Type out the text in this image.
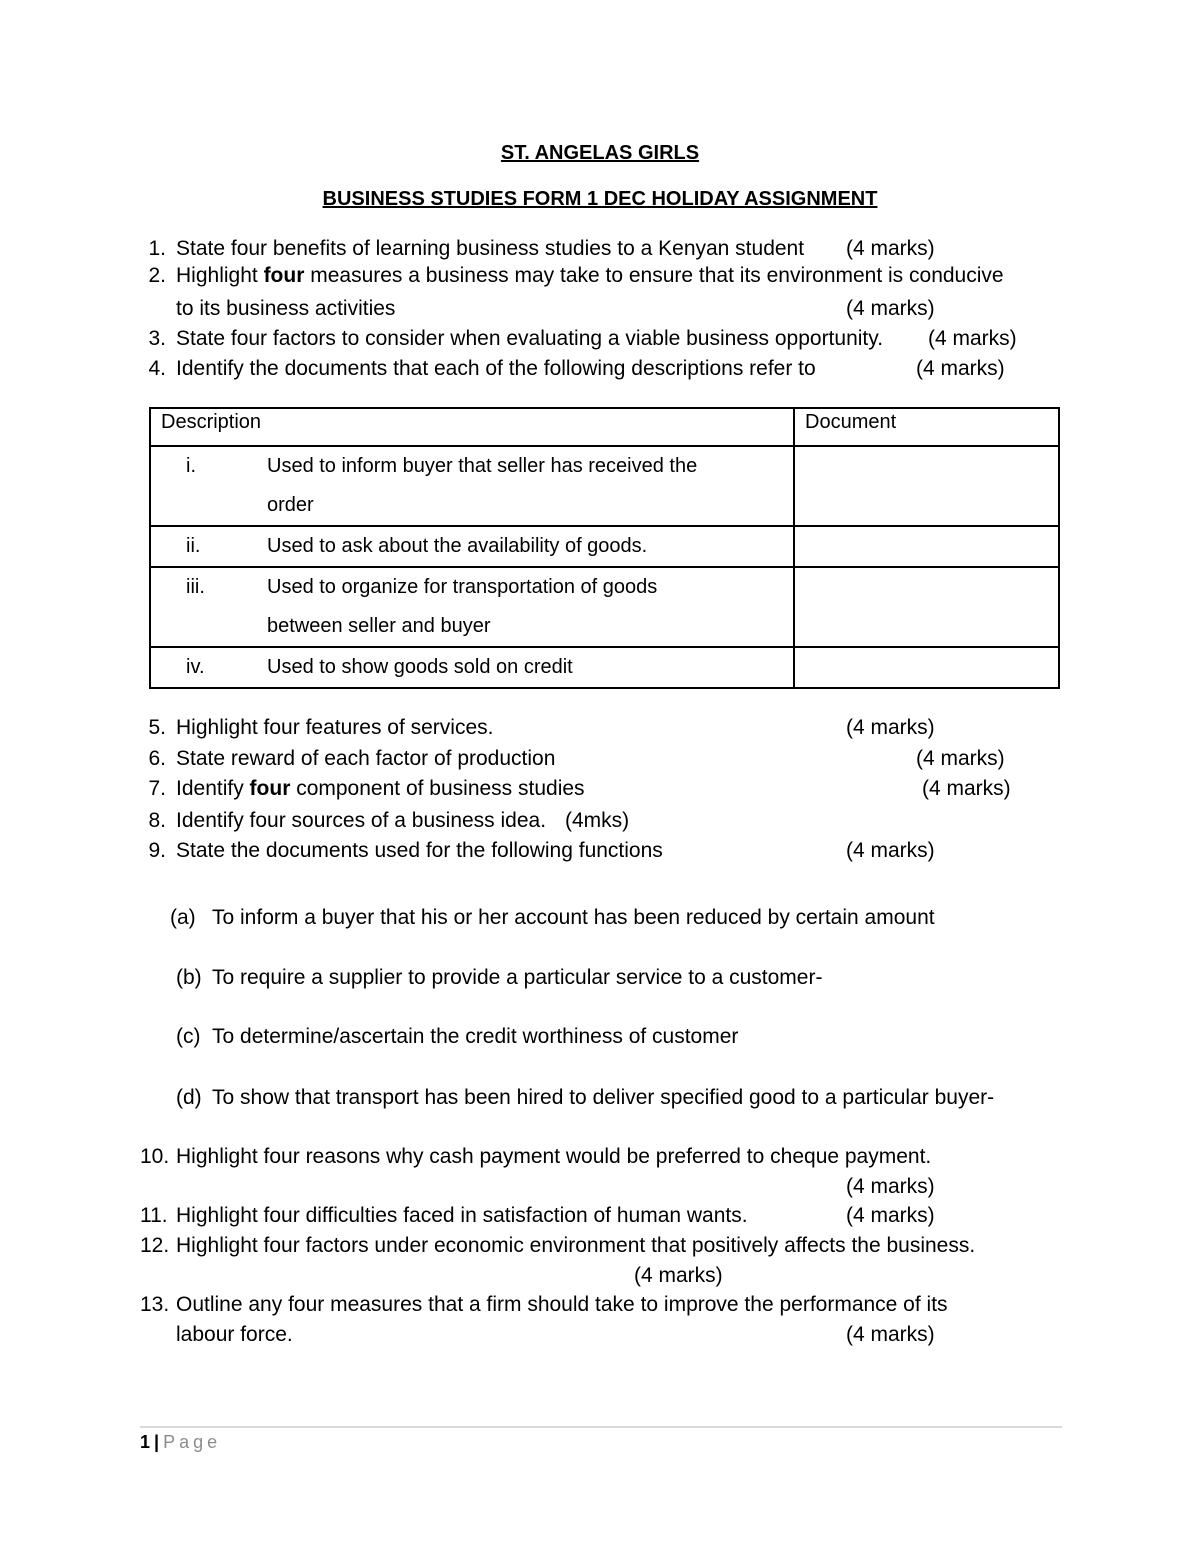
ST. ANGELAS GIRLS
BUSINESS STUDIES FORM 1 DEC HOLIDAY ASSIGNMENT
1. State four benefits of learning business studies to a Kenyan student (4 marks)
2. Highlight four measures a business may take to ensure that its environment is conducive
to its business activities	(4 marks)
3. State four factors to consider when evaluating a viable business opportunity. (4 marks)
4. Identify the documents that each of the following descriptions refer to	(4 marks)
Description	Document

i. Used to inform buyer that seller has received the
order	

ii. Used to ask about the availability of goods.	

iii. Used to organize for transportation of goods
between seller and buyer	

iv. Used to show goods sold on credit	

5. Highlight four features of services.	(4 marks)
6. State reward of each factor of production	(4 marks)
7. Identify four component of business studies	(4 marks)
8. Identify four sources of a business idea. (4mks)
9. State the documents used for the following functions	(4 marks)
(a) To inform a buyer that his or her account has been reduced by certain amount
(b) To require a supplier to provide a particular service to a customer-
(c) To determine/ascertain the credit worthiness of customer
(d) To show that transport has been hired to deliver specified good to a particular buyer-
10. Highlight four reasons why cash payment would be preferred to cheque payment.
(4 marks)
11. Highlight four difficulties faced in satisfaction of human wants.	(4 marks)
12. Highlight four factors under economic environment that positively affects the business.
(4 marks)
13. Outline any four measures that a firm should take to improve the performance of its
labour force.	(4 marks)
1 | Page
